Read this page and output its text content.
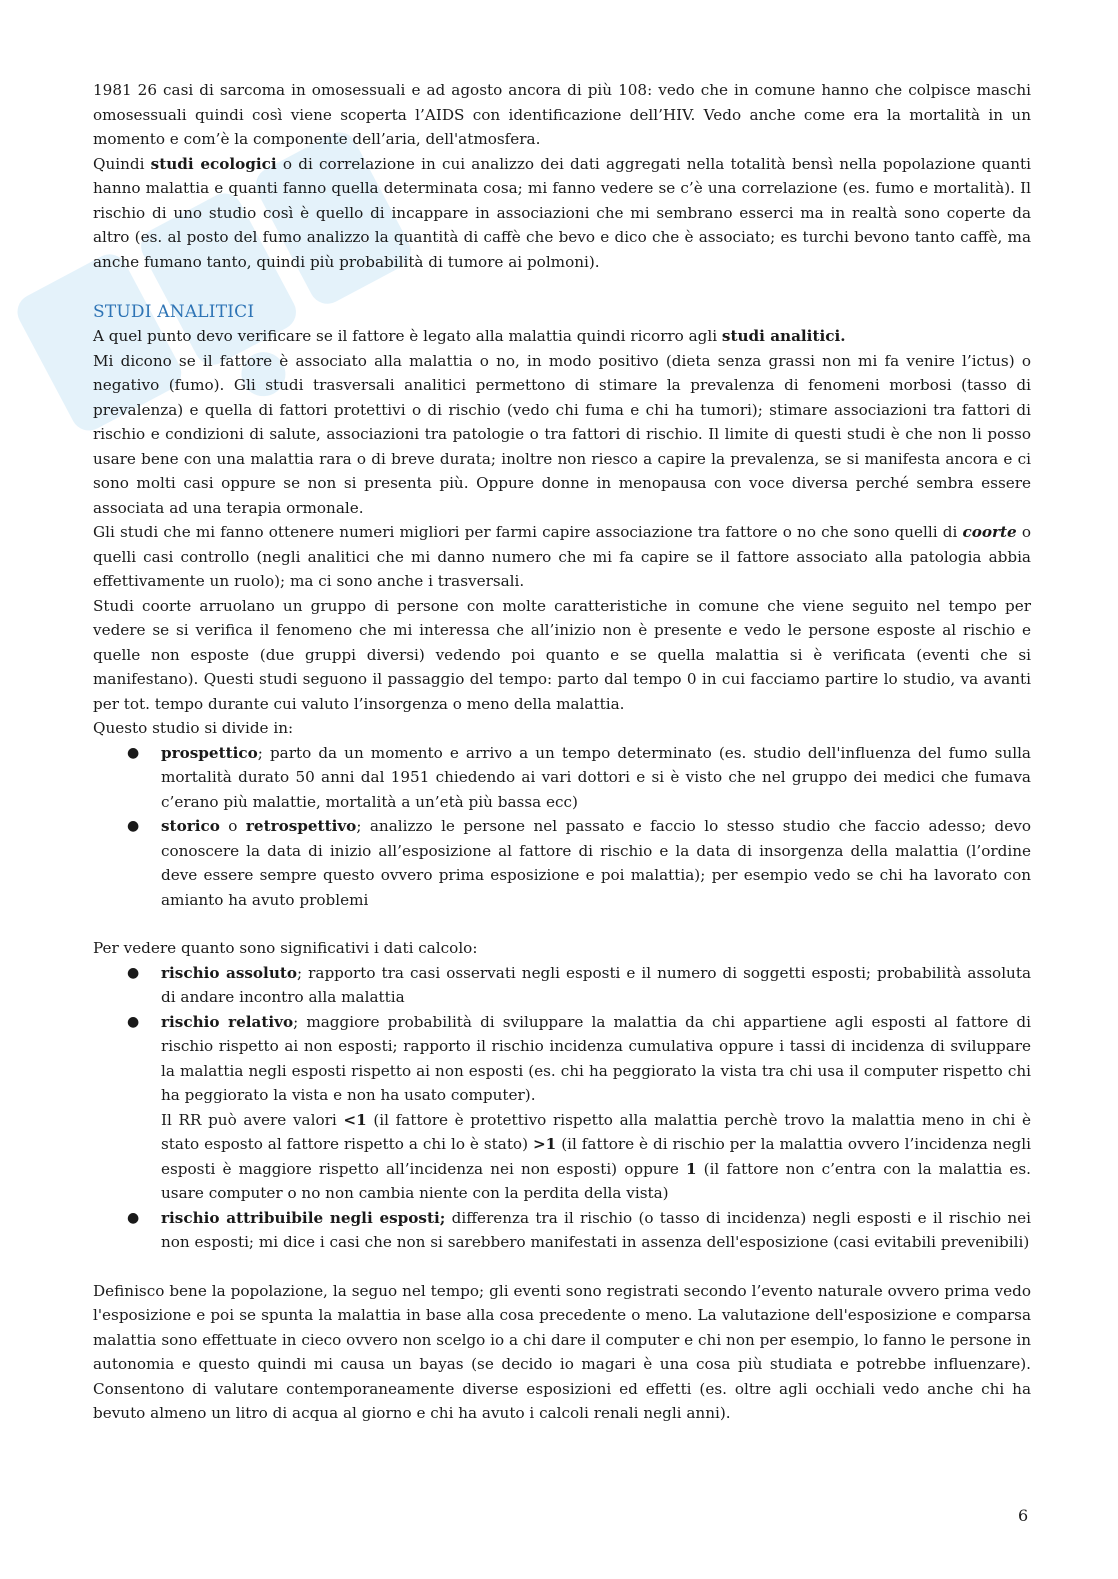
1981 26 casi di sarcoma in omosessuali e ad agosto ancora di più 108: vedo che in comune hanno che colpisce maschi omosessuali quindi così viene scoperta l’AIDS con identificazione dell’HIV. Vedo anche come era la mortalità in un momento e com’è la componente dell’aria, dell'atmosfera.

Quindi studi ecologici o di correlazione in cui analizzo dei dati aggregati nella totalità bensì nella popolazione quanti hanno malattia e quanti fanno quella determinata cosa; mi fanno vedere se c’è una correlazione (es. fumo e mortalità). Il rischio di uno studio così è quello di incappare in associazioni che mi sembrano esserci ma in realtà sono coperte da altro (es. al posto del fumo analizzo la quantità di caffè che bevo e dico che è associato; es turchi bevono tanto caffè, ma anche fumano tanto, quindi più probabilità di tumore ai polmoni).

STUDI ANALITICI

A quel punto devo verificare se il fattore è legato alla malattia quindi ricorro agli studi analitici.

Mi dicono se il fattore è associato alla malattia o no, in modo positivo (dieta senza grassi non mi fa venire l’ictus) o negativo (fumo). Gli studi trasversali analitici permettono di stimare la prevalenza di fenomeni morbosi (tasso di prevalenza) e quella di fattori protettivi o di rischio (vedo chi fuma e chi ha tumori); stimare associazioni tra fattori di rischio e condizioni di salute, associazioni tra patologie o tra fattori di rischio. Il limite di questi studi è che non li posso usare bene con una malattia rara o di breve durata; inoltre non riesco a capire la prevalenza, se si manifesta ancora e ci sono molti casi oppure se non si presenta più. Oppure donne in menopausa con voce diversa perché sembra essere associata ad una terapia ormonale.

Gli studi che mi fanno ottenere numeri migliori per farmi capire associazione tra fattore o no che sono quelli di coorte o quelli casi controllo (negli analitici che mi danno numero che mi fa capire se il fattore associato alla patologia abbia effettivamente un ruolo); ma ci sono anche i trasversali.

Studi coorte arruolano un gruppo di persone con molte caratteristiche in comune che viene seguito nel tempo per vedere se si verifica il fenomeno che mi interessa che all’inizio non è presente e vedo le persone esposte al rischio e quelle non esposte (due gruppi diversi) vedendo poi quanto e se quella malattia si è verificata (eventi che si manifestano). Questi studi seguono il passaggio del tempo: parto dal tempo 0 in cui facciamo partire lo studio, va avanti per tot. tempo durante cui valuto l’insorgenza o meno della malattia.

Questo studio si divide in:

● prospettico; parto da un momento e arrivo a un tempo determinato (es. studio dell'influenza del fumo sulla mortalità durato 50 anni dal 1951 chiedendo ai vari dottori e si è visto che nel gruppo dei medici che fumava c’erano più malattie, mortalità a un’età più bassa ecc)
● storico o retrospettivo; analizzo le persone nel passato e faccio lo stesso studio che faccio adesso; devo conoscere la data di inizio all’esposizione al fattore di rischio e la data di insorgenza della malattia (l’ordine deve essere sempre questo ovvero prima esposizione e poi malattia); per esempio vedo se chi ha lavorato con amianto ha avuto problemi

Per vedere quanto sono significativi i dati calcolo:

● rischio assoluto; rapporto tra casi osservati negli esposti e il numero di soggetti esposti; probabilità assoluta di andare incontro alla malattia
● rischio relativo; maggiore probabilità di sviluppare la malattia da chi appartiene agli esposti al fattore di rischio rispetto ai non esposti; rapporto il rischio incidenza cumulativa oppure i tassi di incidenza di sviluppare la malattia negli esposti rispetto ai non esposti (es. chi ha peggiorato la vista tra chi usa il computer rispetto chi ha peggiorato la vista e non ha usato computer).

Il RR può avere valori <1 (il fattore è protettivo rispetto alla malattia perchè trovo la malattia meno in chi è stato esposto al fattore rispetto a chi lo è stato) >1 (il fattore è di rischio per la malattia ovvero l’incidenza negli esposti è maggiore rispetto all’incidenza nei non esposti) oppure 1 (il fattore non c’entra con la malattia es. usare computer o no non cambia niente con la perdita della vista)

● rischio attribuibile negli esposti; differenza tra il rischio (o tasso di incidenza) negli esposti e il rischio nei non esposti; mi dice i casi che non si sarebbero manifestati in assenza dell'esposizione (casi evitabili prevenibili)

Definisco bene la popolazione, la seguo nel tempo; gli eventi sono registrati secondo l’evento naturale ovvero prima vedo l'esposizione e poi se spunta la malattia in base alla cosa precedente o meno. La valutazione dell'esposizione e comparsa malattia sono effettuate in cieco ovvero non scelgo io a chi dare il computer e chi non per esempio, lo fanno le persone in autonomia e questo quindi mi causa un bayas (se decido io magari è una cosa più studiata e potrebbe influenzare). Consentono di valutare contemporaneamente diverse esposizioni ed effetti (es. oltre agli occhiali vedo anche chi ha bevuto almeno un litro di acqua al giorno e chi ha avuto i calcoli renali negli anni).

6
